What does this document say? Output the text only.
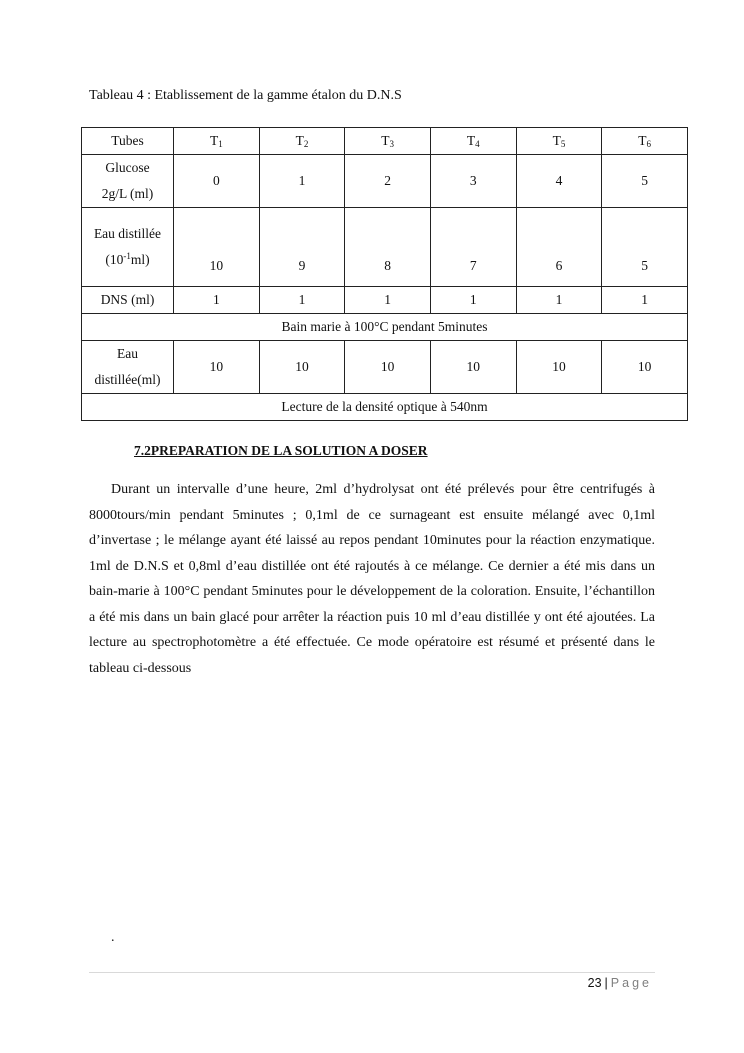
Tableau 4 : Etablissement de la gamme étalon du D.N.S
Tubes	$T_1$	$T_2$	$T_3$	$T_4$	$T_5$	$T_6$

Glucose
2g/L (ml)	0	1	2	3	4	5

Eau distillée
$(10^{-1}ml)$	10	9	8	7	6	5
DNS (ml)	1	1	1	1	1	1
Bain marie à 100°C pendant 5minutes						

Eau
distillée(ml)	10	10	10	10	10	10
Lecture de la densité optique à 540nm						
7.2PREPARATION DE LA SOLUTION A DOSER

Durant un intervalle d’une heure, 2ml d’hydrolysat ont été prélevés pour être centrifugés à 8000tours/min pendant 5minutes ; 0,1ml de ce surnageant est ensuite mélangé avec 0,1ml d’invertase ; le mélange ayant été laissé au repos pendant 10minutes pour la réaction enzymatique. 1ml de D.N.S et 0,8ml d’eau distillée ont été rajoutés à ce mélange. Ce dernier a été mis dans un bain-marie à 100°C pendant 5minutes pour le développement de la coloration. Ensuite, l’échantillon a été mis dans un bain glacé pour arrêter la réaction puis 10 ml d’eau distillée y ont été ajoutées. La lecture au spectrophotomètre a été effectuée. Ce mode opératoire est résumé et présenté dans le tableau ci-dessous

.
23 | Page
